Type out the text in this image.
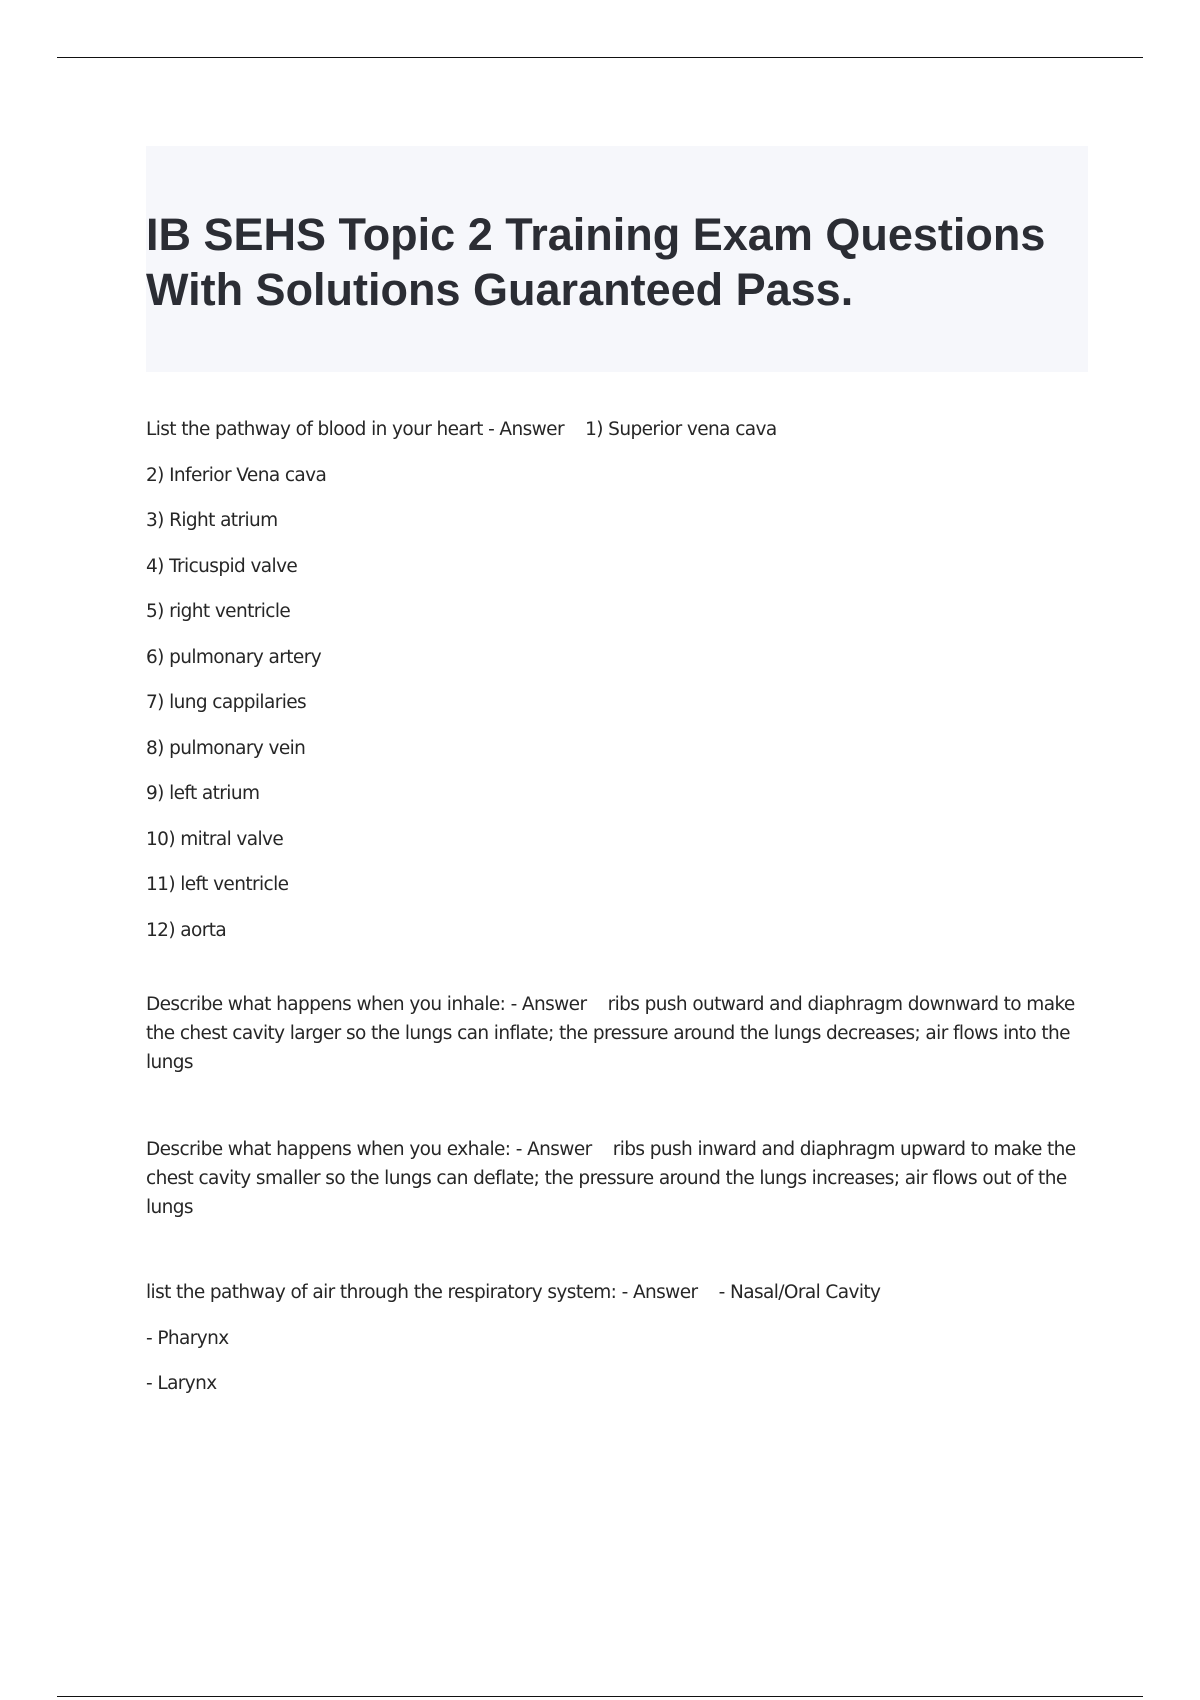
IB SEHS Topic 2 Training Exam Questions With Solutions Guaranteed Pass.

List the pathway of blood in your heart - Answer 1) Superior vena cava

2) Inferior Vena cava

3) Right atrium

4) Tricuspid valve

5) right ventricle

6) pulmonary artery

7) lung cappilaries

8) pulmonary vein

9) left atrium

10) mitral valve

11) left ventricle

12) aorta

Describe what happens when you inhale: - Answer ribs push outward and diaphragm downward to make the chest cavity larger so the lungs can inflate; the pressure around the lungs decreases; air flows into the lungs

Describe what happens when you exhale: - Answer ribs push inward and diaphragm upward to make the chest cavity smaller so the lungs can deflate; the pressure around the lungs increases; air flows out of the lungs

list the pathway of air through the respiratory system: - Answer - Nasal/Oral Cavity

- Pharynx

- Larynx
